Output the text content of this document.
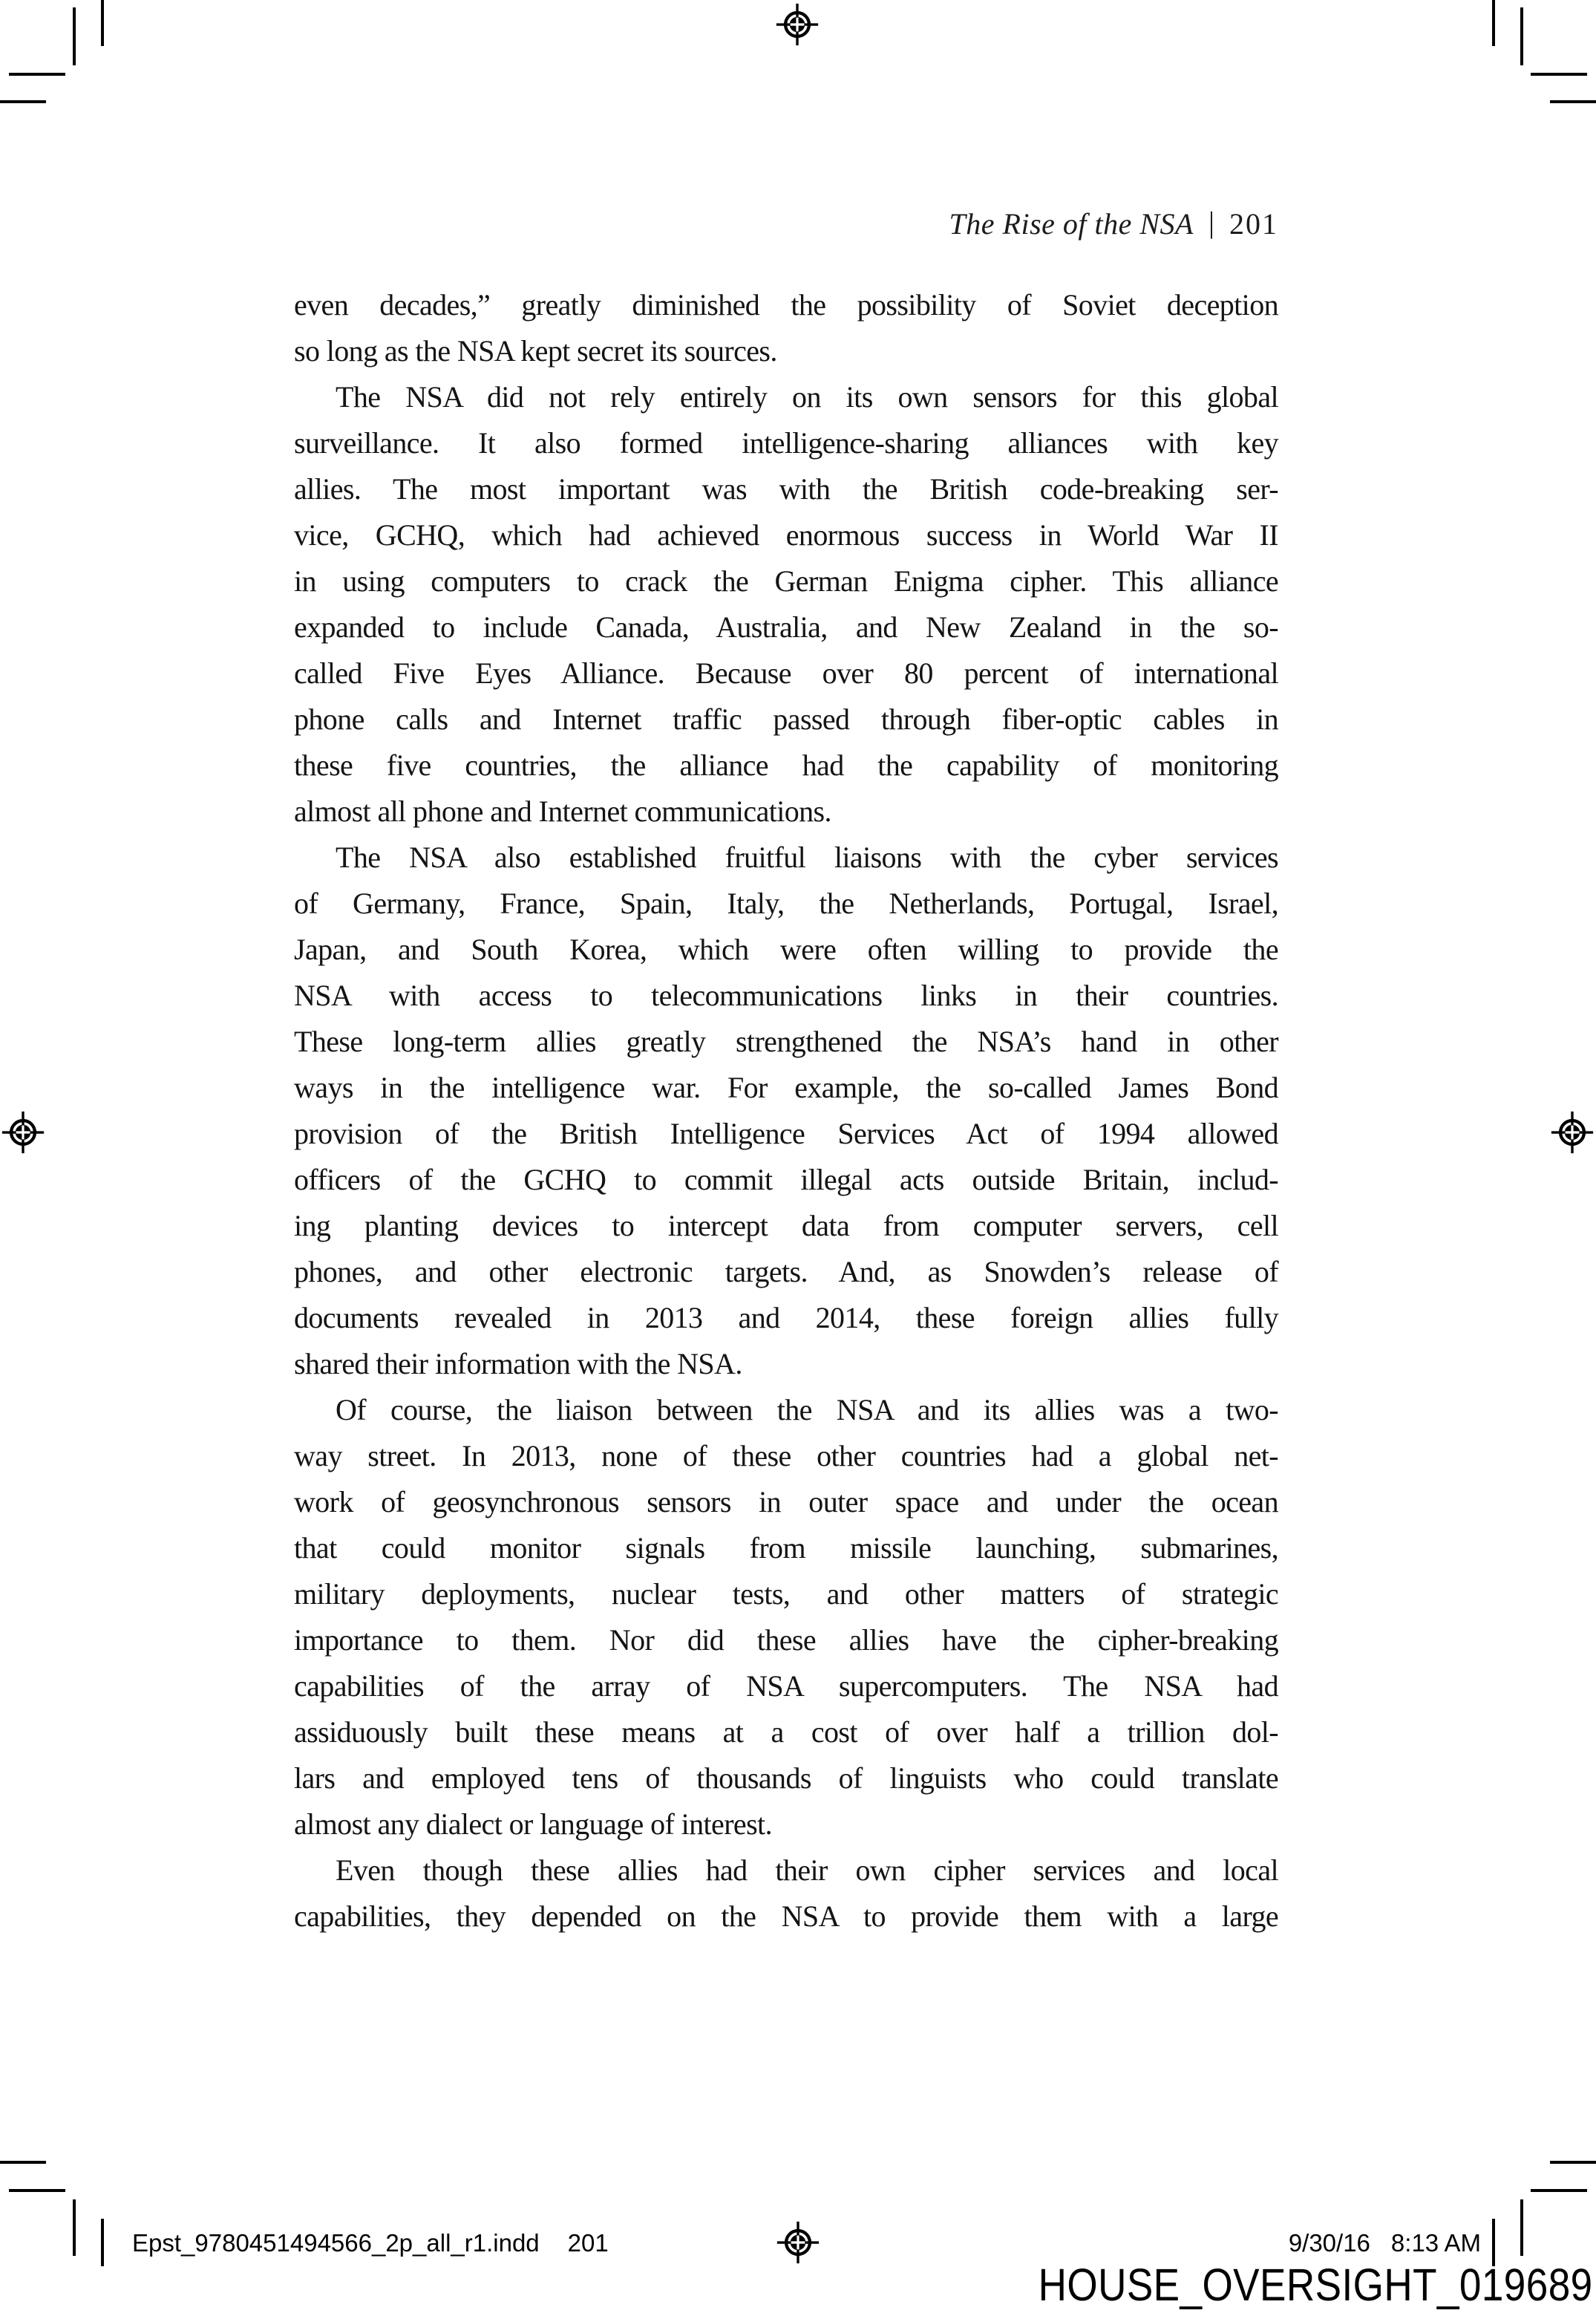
The Rise of the NSA | 201
even decades,” greatly diminished the possibility of Soviet deception
so long as the NSA kept secret its sources.
The NSA did not rely entirely on its own sensors for this global
surveillance. It also formed intelligence-sharing alliances with key
allies. The most important was with the British code-breaking ser-
vice, GCHQ, which had achieved enormous success in World War II
in using computers to crack the German Enigma cipher. This alliance
expanded to include Canada, Australia, and New Zealand in the so-
called Five Eyes Alliance. Because over 80 percent of international
phone calls and Internet traffic passed through fiber-optic cables in
these five countries, the alliance had the capability of monitoring
almost all phone and Internet communications.
The NSA also established fruitful liaisons with the cyber services
of Germany, France, Spain, Italy, the Netherlands, Portugal, Israel,
Japan, and South Korea, which were often willing to provide the
NSA with access to telecommunications links in their countries.
These long-term allies greatly strengthened the NSA’s hand in other
ways in the intelligence war. For example, the so-called James Bond
provision of the British Intelligence Services Act of 1994 allowed
officers of the GCHQ to commit illegal acts outside Britain, includ-
ing planting devices to intercept data from computer servers, cell
phones, and other electronic targets. And, as Snowden’s release of
documents revealed in 2013 and 2014, these foreign allies fully
shared their information with the NSA.
Of course, the liaison between the NSA and its allies was a two-
way street. In 2013, none of these other countries had a global net-
work of geosynchronous sensors in outer space and under the ocean
that could monitor signals from missile launching, submarines,
military deployments, nuclear tests, and other matters of strategic
importance to them. Nor did these allies have the cipher-breaking
capabilities of the array of NSA supercomputers. The NSA had
assiduously built these means at a cost of over half a trillion dol-
lars and employed tens of thousands of linguists who could translate
almost any dialect or language of interest.
Even though these allies had their own cipher services and local
capabilities, they depended on the NSA to provide them with a large
Epst_9780451494566_2p_all_r1.indd 201	9/30/16 8:13 AM
HOUSE_OVERSIGHT_019689
